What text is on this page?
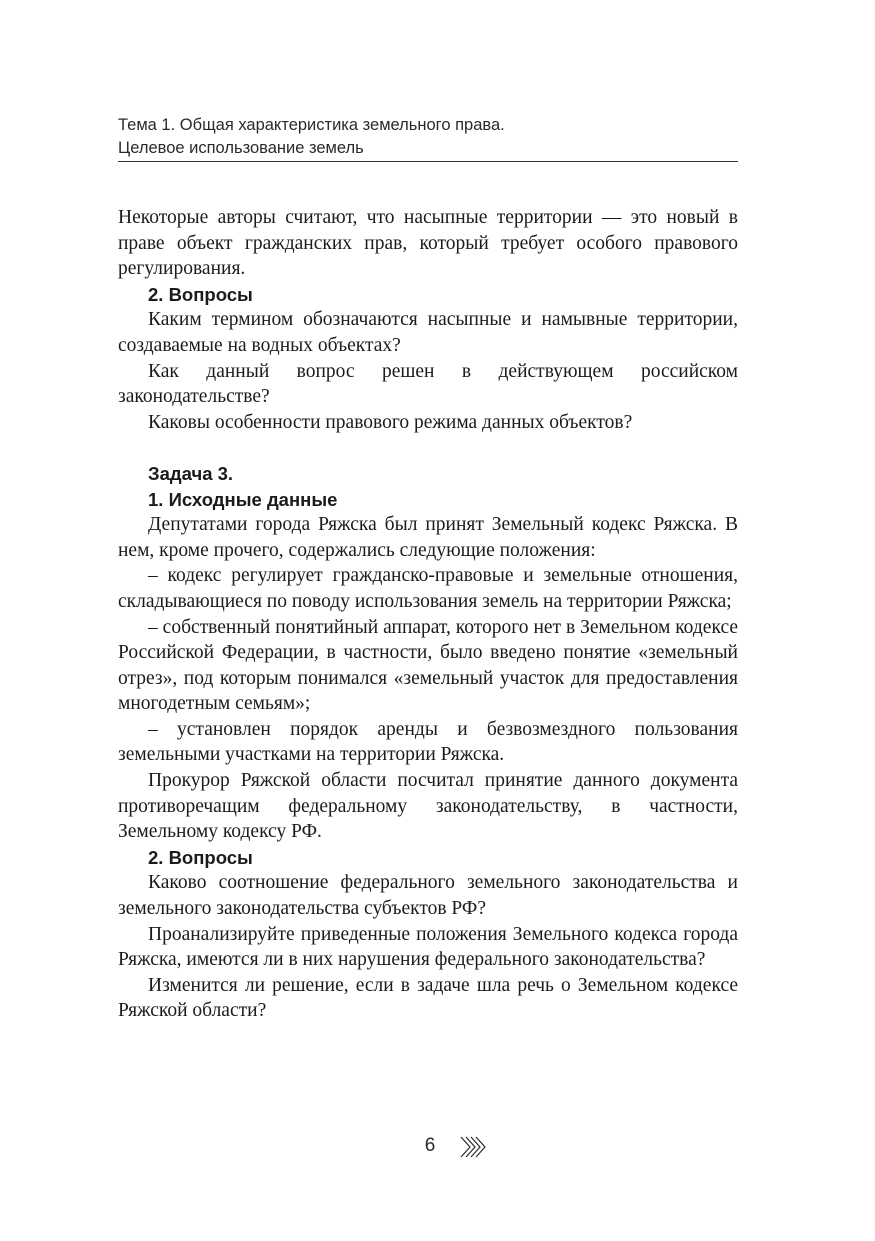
Тема 1. Общая характеристика земельного права.
Целевое использование земель

Некоторые авторы считают, что насыпные территории — это новый в праве объект гражданских прав, который требует особого правового регулирования.

2. Вопросы

Каким термином обозначаются насыпные и намывные территории, создаваемые на водных объектах?

Как данный вопрос решен в действующем российском законодательстве?

Каковы особенности правового режима данных объектов?

Задача 3.
1. Исходные данные

Депутатами города Ряжска был принят Земельный кодекс Ряжска. В нем, кроме прочего, содержались следующие положения:

– кодекс регулирует гражданско-правовые и земельные отношения, складывающиеся по поводу использования земель на территории Ряжска;

– собственный понятийный аппарат, которого нет в Земельном кодексе Российской Федерации, в частности, было введено понятие «земельный отрез», под которым понимался «земельный участок для предоставления многодетным семьям»;

– установлен порядок аренды и безвозмездного пользования земельными участками на территории Ряжска.

Прокурор Ряжской области посчитал принятие данного документа противоречащим федеральному законодательству, в частности, Земельному кодексу РФ.

2. Вопросы

Каково соотношение федерального земельного законодательства и земельного законодательства субъектов РФ?

Проанализируйте приведенные положения Земельного кодекса города Ряжска, имеются ли в них нарушения федерального законодательства?

Изменится ли решение, если в задаче шла речь о Земельном кодексе Ряжской области?

6
